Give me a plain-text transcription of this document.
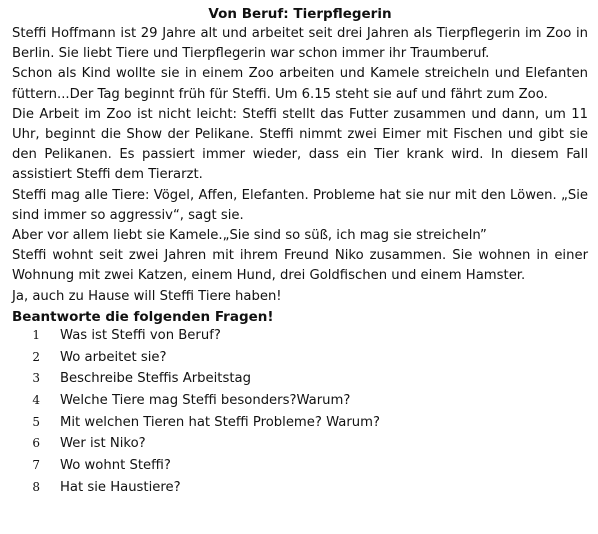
Von Beruf: Tierpflegerin

Steffi Hoffmann ist 29 Jahre alt und arbeitet seit drei Jahren als Tierpflegerin im Zoo in Berlin. Sie liebt Tiere und Tierpflegerin war schon immer ihr Traumberuf.

Schon als Kind wollte sie in einem Zoo arbeiten und Kamele streicheln und Elefanten füttern...Der Tag beginnt früh für Steffi. Um 6.15 steht sie auf und fährt zum Zoo.

Die Arbeit im Zoo ist nicht leicht: Steffi stellt das Futter zusammen und dann, um 11 Uhr, beginnt die Show der Pelikane. Steffi nimmt zwei Eimer mit Fischen und gibt sie den Pelikanen. Es passiert immer wieder, dass ein Tier krank wird. In diesem Fall assistiert Steffi dem Tierarzt.

Steffi mag alle Tiere: Vögel, Affen, Elefanten. Probleme hat sie nur mit den Löwen. „Sie sind immer so aggressiv“, sagt sie.

Aber vor allem liebt sie Kamele.„Sie sind so süß, ich mag sie streicheln”

Steffi wohnt seit zwei Jahren mit ihrem Freund Niko zusammen. Sie wohnen in einer Wohnung mit zwei Katzen, einem Hund, drei Goldfischen und einem Hamster.

Ja, auch zu Hause will Steffi Tiere haben!

Beantworte die folgenden Fragen!
1 Was ist Steffi von Beruf?
2 Wo arbeitet sie?
3 Beschreibe Steffis Arbeitstag
4 Welche Tiere mag Steffi besonders?Warum?
5 Mit welchen Tieren hat Steffi Probleme? Warum?
6 Wer ist Niko?
7 Wo wohnt Steffi?
8 Hat sie Haustiere?
